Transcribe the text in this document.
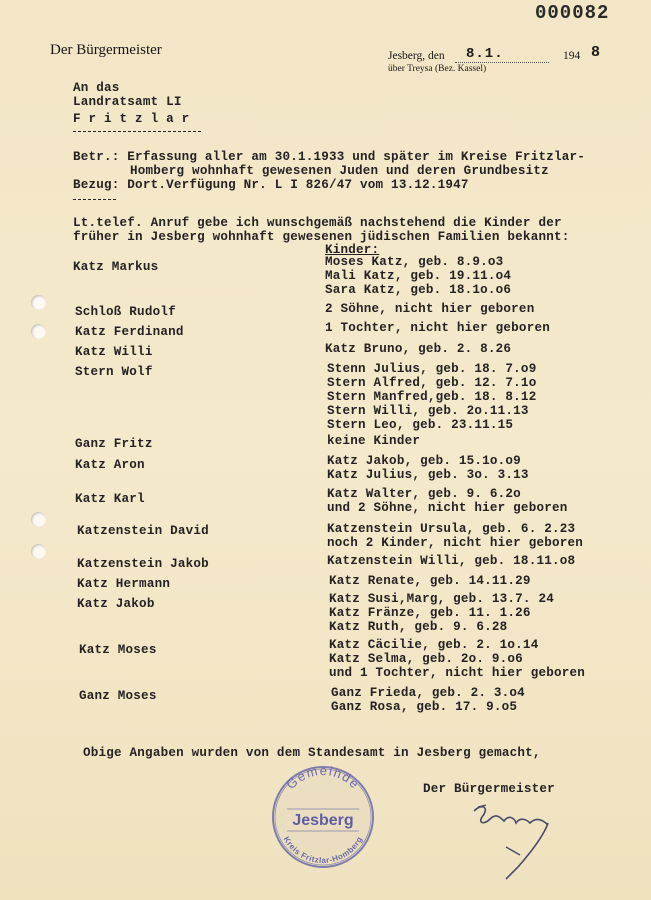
000082
Der Bürgermeister	Jesberg, den 8.1.	194 8
über Treysa (Bez. Kassel)
An das
Landratsamt LI
F r i t z l a r
Betr.: Erfassung aller am 30.1.1933 und später im Kreise Fritzlar-
Homberg wohnhaft gewesenen Juden und deren Grundbesitz
Bezug: Dort.Verfügung Nr. L I 826/47 vom 13.12.1947
Lt.telef. Anruf gebe ich wunschgemäß nachstehend die Kinder der
früher in Jesberg wohnhaft gewesenen jüdischen Familien bekannt:
Kinder:
Katz Markus	Moses Katz, geb. 8.9.o3
Mali Katz, geb. 19.11.o4
Sara Katz, geb. 18.1o.o6
Schloß Rudolf	2 Söhne, nicht hier geboren
Katz Ferdinand	1 Tochter, nicht hier geboren
Katz Willi	Katz Bruno, geb. 2. 8.26
Stern Wolf	Stenn Julius, geb. 18. 7.o9
Stern Alfred, geb. 12. 7.1o
Stern Manfred,geb. 18. 8.12
Stern Willi, geb. 2o.11.13
Stern Leo, geb. 23.11.15
Ganz Fritz	keine Kinder
Katz Aron	Katz Jakob, geb. 15.1o.o9
Katz Julius, geb. 3o. 3.13
Katz Karl	Katz Walter, geb. 9. 6.2o
und 2 Söhne, nicht hier geboren
Katzenstein David	Katzenstein Ursula, geb. 6. 2.23
noch 2 Kinder, nicht hier geboren
Katzenstein Jakob	Katzenstein Willi, geb. 18.11.o8
Katz Hermann	Katz Renate, geb. 14.11.29
Katz Jakob	Katz Susi,Marg, geb. 13.7. 24
Katz Fränze, geb. 11. 1.26
Katz Ruth, geb. 9. 6.28
Katz Moses	Katz Cäcilie, geb. 2. 1o.14
Katz Selma, geb. 2o. 9.o6
und 1 Tochter, nicht hier geboren
Ganz Moses	Ganz Frieda, geb. 2. 3.o4
Ganz Rosa, geb. 17. 9.o5
Obige Angaben wurden von dem Standesamt in Jesberg gemacht,
Gemeinde
Jesberg
Kreis Fritzlar-Homberg
Der Bürgermeister
